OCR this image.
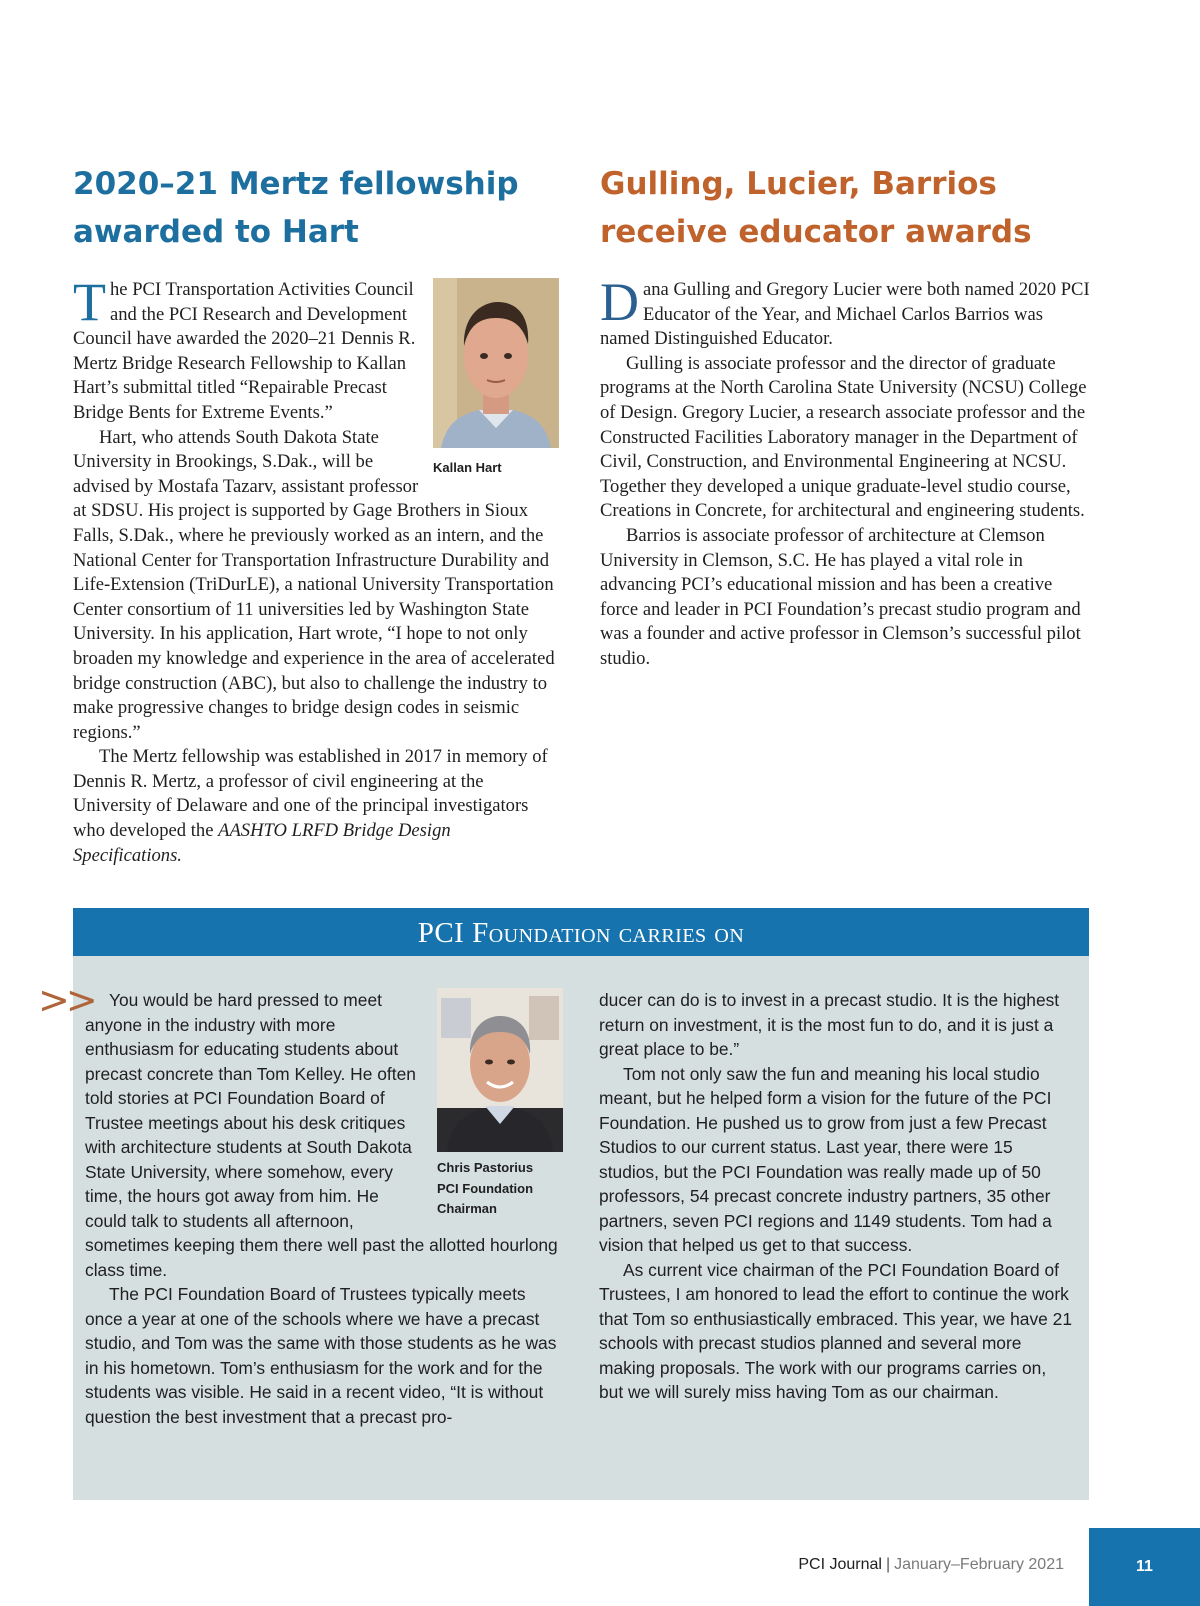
2020–21 Mertz fellowship
awarded to Hart
Kallan Hart

The PCI Transportation Activities Council and the PCI Research and Development Council have awarded the 2020–21 Dennis R. Mertz Bridge Research Fellowship to Kallan Hart’s submittal titled “Repairable Precast Bridge Bents for Extreme Events.”

Hart, who attends South Dakota State University in Brookings, S.Dak., will be advised by Mostafa Tazarv, assistant professor at SDSU. His project is supported by Gage Brothers in Sioux Falls, S.Dak., where he previously worked as an intern, and the National Center for Transportation Infrastructure Durability and Life-Extension (TriDurLE), a national University Transportation Center consortium of 11 universities led by Washington State University. In his application, Hart wrote, “I hope to not only broaden my knowledge and experience in the area of accelerated bridge construction (ABC), but also to challenge the industry to make progressive changes to bridge design codes in seismic regions.”

The Mertz fellowship was established in 2017 in memory of Dennis R. Mertz, a professor of civil engineering at the University of Delaware and one of the principal investigators who developed the AASHTO LRFD Bridge Design Specifications.

Gulling, Lucier, Barrios
receive educator awards

Dana Gulling and Gregory Lucier were both named 2020 PCI Educator of the Year, and Michael Carlos Barrios was named Distinguished Educator.

Gulling is associate professor and the director of graduate programs at the North Carolina State University (NCSU) College of Design. Gregory Lucier, a research associate professor and the Constructed Facilities Laboratory manager in the Department of Civil, Construction, and Environmental Engineering at NCSU. Together they developed a unique graduate-level studio course, Creations in Concrete, for architectural and engineering students.

Barrios is associate professor of architecture at Clemson University in Clemson, S.C. He has played a vital role in advancing PCI’s educational mission and has been a creative force and leader in PCI Foundation’s precast studio program and was a founder and active professor in Clemson’s successful pilot studio.

PCI Foundation carries on
Chris Pastorius
PCI Foundation
Chairman

You would be hard pressed to meet anyone in the industry with more enthusiasm for educating students about precast concrete than Tom Kelley. He often told stories at PCI Foundation Board of Trustee meetings about his desk critiques with architecture students at South Dakota State University, where somehow, every time, the hours got away from him. He could talk to students all afternoon, sometimes keeping them there well past the allotted hourlong class time.

The PCI Foundation Board of Trustees typically meets once a year at one of the schools where we have a precast studio, and Tom was the same with those students as he was in his hometown. Tom’s enthusiasm for the work and for the students was visible. He said in a recent video, “It is without question the best investment that a precast pro-

ducer can do is to invest in a precast studio. It is the highest return on investment, it is the most fun to do, and it is just a great place to be.”

Tom not only saw the fun and meaning his local studio meant, but he helped form a vision for the future of the PCI Foundation. He pushed us to grow from just a few Precast Studios to our current status. Last year, there were 15 studios, but the PCI Foundation was really made up of 50 professors, 54 precast concrete industry partners, 35 other partners, seven PCI regions and 1149 students. Tom had a vision that helped us get to that success.

As current vice chairman of the PCI Foundation Board of Trustees, I am honored to lead the effort to continue the work that Tom so enthusiastically embraced. This year, we have 21 schools with precast studios planned and several more making proposals. The work with our programs carries on, but we will surely miss having Tom as our chairman.

>>
PCI Journal | January–February 2021	11
